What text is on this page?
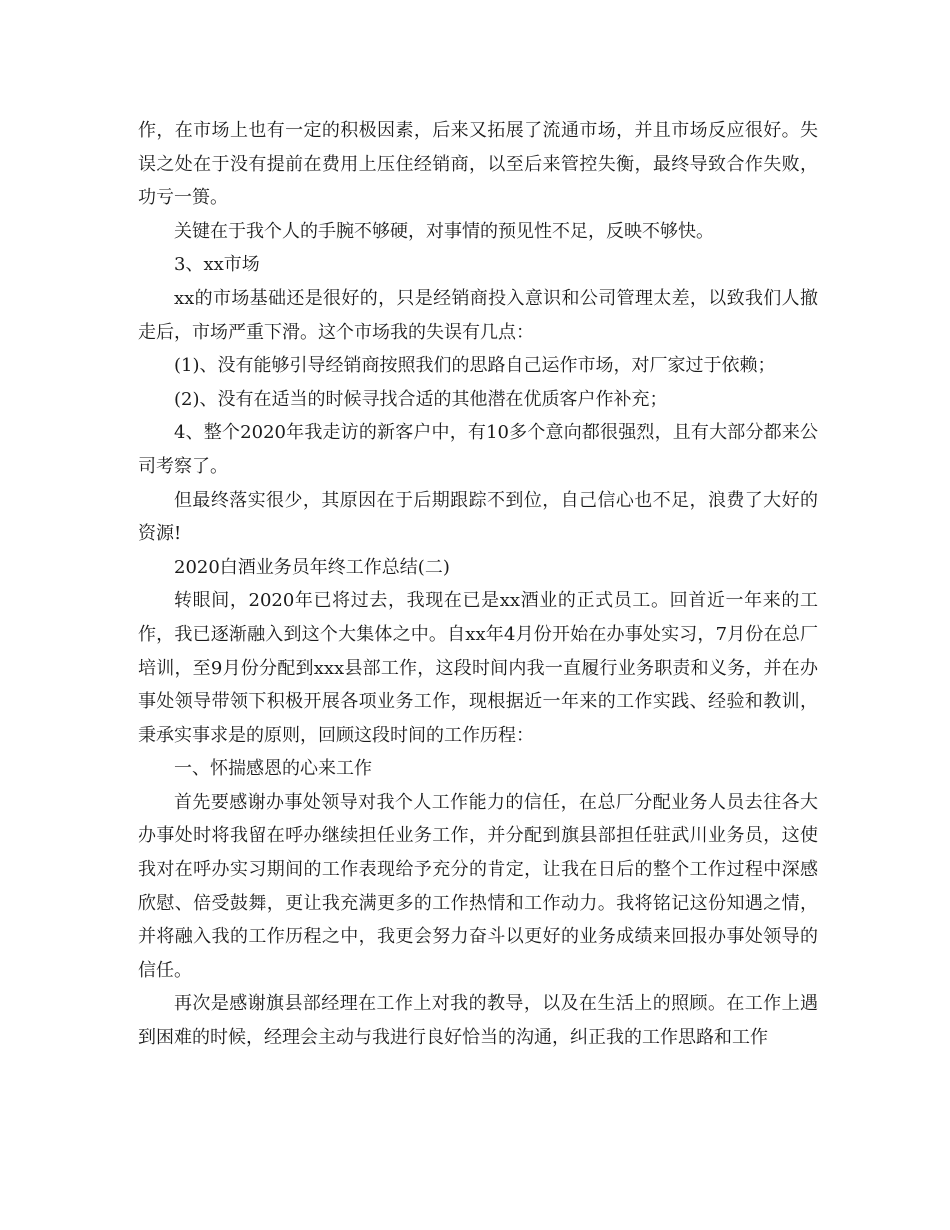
作，在市场上也有一定的积极因素，后来又拓展了流通市场，并且市场反应很好。失误之处在于没有提前在费用上压住经销商，以至后来管控失衡，最终导致合作失败，功亏一篑。

关键在于我个人的手腕不够硬，对事情的预见性不足，反映不够快。

3、xx市场

xx的市场基础还是很好的，只是经销商投入意识和公司管理太差，以致我们人撤走后，市场严重下滑。这个市场我的失误有几点：

(1)、没有能够引导经销商按照我们的思路自己运作市场，对厂家过于依赖；

(2)、没有在适当的时候寻找合适的其他潜在优质客户作补充；

4、整个2020年我走访的新客户中，有10多个意向都很强烈，且有大部分都来公司考察了。

但最终落实很少，其原因在于后期跟踪不到位，自己信心也不足，浪费了大好的资源!

2020白酒业务员年终工作总结(二)

转眼间，2020年已将过去，我现在已是xx酒业的正式员工。回首近一年来的工作，我已逐渐融入到这个大集体之中。自xx年4月份开始在办事处实习，7月份在总厂培训，至9月份分配到xxx县部工作，这段时间内我一直履行业务职责和义务，并在办事处领导带领下积极开展各项业务工作，现根据近一年来的工作实践、经验和教训，秉承实事求是的原则，回顾这段时间的工作历程：

一、怀揣感恩的心来工作

首先要感谢办事处领导对我个人工作能力的信任，在总厂分配业务人员去往各大办事处时将我留在呼办继续担任业务工作，并分配到旗县部担任驻武川业务员，这使我对在呼办实习期间的工作表现给予充分的肯定，让我在日后的整个工作过程中深感欣慰、倍受鼓舞，更让我充满更多的工作热情和工作动力。我将铭记这份知遇之情，并将融入我的工作历程之中，我更会努力奋斗以更好的业务成绩来回报办事处领导的信任。

再次是感谢旗县部经理在工作上对我的教导，以及在生活上的照顾。在工作上遇到困难的时候，经理会主动与我进行良好恰当的沟通，纠正我的工作思路和工作
